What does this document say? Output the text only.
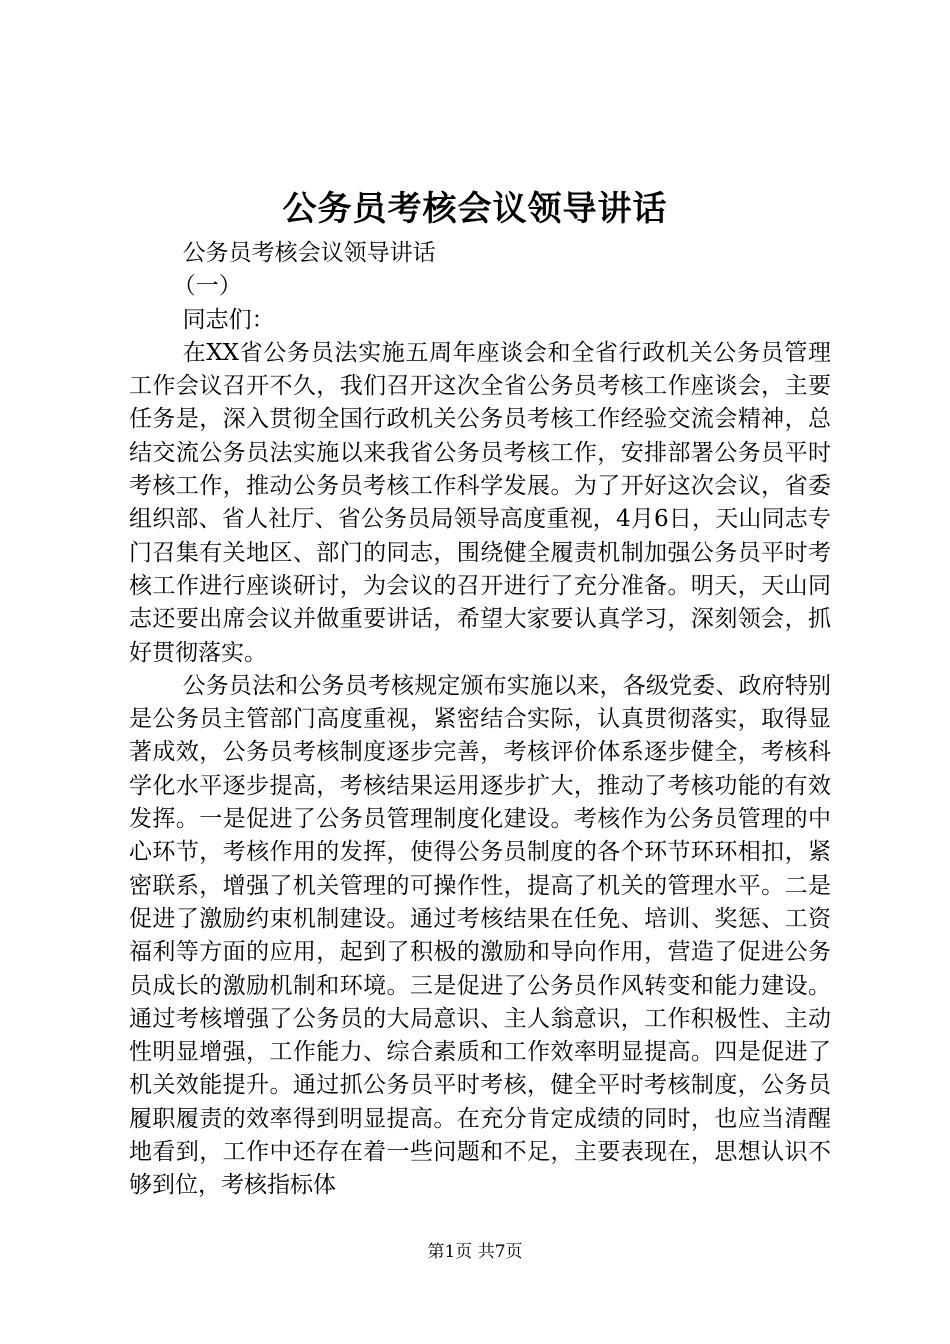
公务员考核会议领导讲话

公务员考核会议领导讲话

（一）

同志们：

在XX省公务员法实施五周年座谈会和全省行政机关公务员管理工作会议召开不久，我们召开这次全省公务员考核工作座谈会，主要任务是，深入贯彻全国行政机关公务员考核工作经验交流会精神，总结交流公务员法实施以来我省公务员考核工作，安排部署公务员平时考核工作，推动公务员考核工作科学发展。为了开好这次会议，省委组织部、省人社厅、省公务员局领导高度重视，4月6日，天山同志专门召集有关地区、部门的同志，围绕健全履责机制加强公务员平时考核工作进行座谈研讨，为会议的召开进行了充分准备。明天，天山同志还要出席会议并做重要讲话，希望大家要认真学习，深刻领会，抓好贯彻落实。

公务员法和公务员考核规定颁布实施以来，各级党委、政府特别是公务员主管部门高度重视，紧密结合实际，认真贯彻落实，取得显著成效，公务员考核制度逐步完善，考核评价体系逐步健全，考核科学化水平逐步提高，考核结果运用逐步扩大，推动了考核功能的有效发挥。一是促进了公务员管理制度化建设。考核作为公务员管理的中心环节，考核作用的发挥，使得公务员制度的各个环节环环相扣，紧密联系，增强了机关管理的可操作性，提高了机关的管理水平。二是促进了激励约束机制建设。通过考核结果在任免、培训、奖惩、工资福利等方面的应用，起到了积极的激励和导向作用，营造了促进公务员成长的激励机制和环境。三是促进了公务员作风转变和能力建设。通过考核增强了公务员的大局意识、主人翁意识，工作积极性、主动性明显增强，工作能力、综合素质和工作效率明显提高。四是促进了机关效能提升。通过抓公务员平时考核，健全平时考核制度，公务员履职履责的效率得到明显提高。在充分肯定成绩的同时，也应当清醒地看到，工作中还存在着一些问题和不足，主要表现在，思想认识不够到位，考核指标体

第1页 共7页
